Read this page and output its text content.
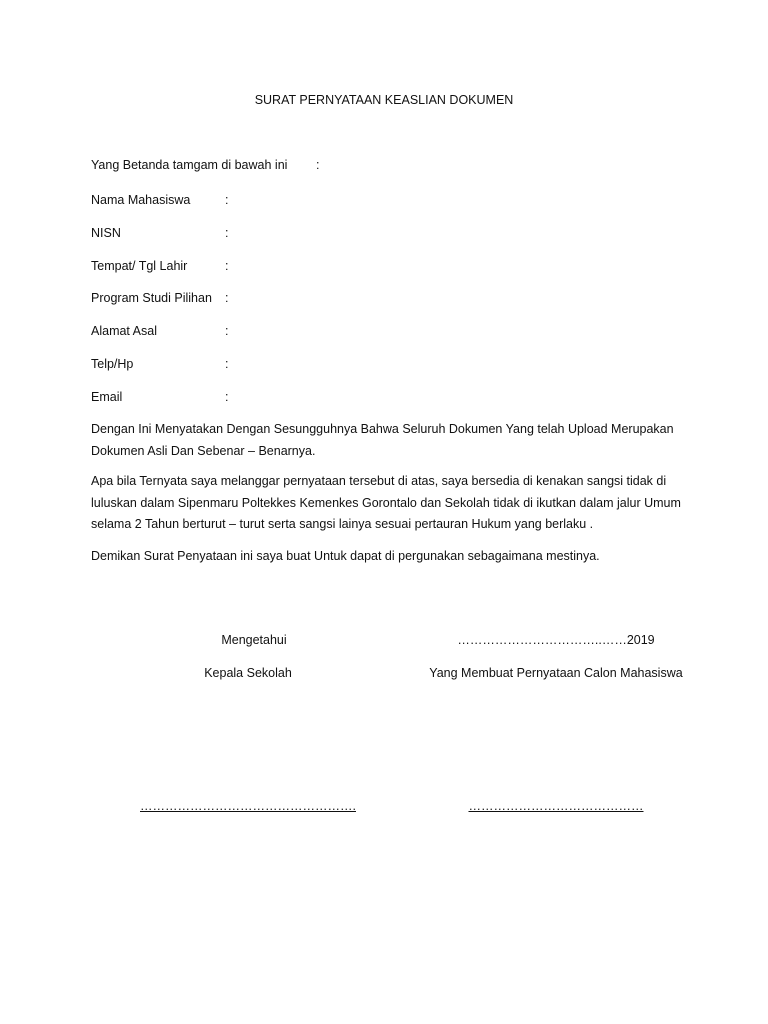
SURAT PERNYATAAN KEASLIAN DOKUMEN
Yang Betanda tamgam di bawah ini :
Nama Mahasiswa	:
NISN	:
Tempat/ Tgl Lahir	:
Program Studi Pilihan :
Alamat Asal	:
Telp/Hp	:
Email	:
Dengan Ini Menyatakan Dengan Sesungguhnya Bahwa Seluruh Dokumen Yang telah Upload Merupakan Dokumen Asli Dan Sebenar – Benarnya.
Apa bila Ternyata saya melanggar pernyataan tersebut di atas, saya bersedia di kenakan sangsi tidak di luluskan dalam Sipenmaru Poltekkes Kemenkes Gorontalo dan Sekolah tidak di ikutkan dalam jalur Umum selama 2 Tahun berturut – turut serta sangsi lainya sesuai pertauran Hukum yang berlaku .
Demikan Surat Penyataan ini saya buat Untuk dapat di pergunakan sebagaimana mestinya.
Mengetahui	……………………………..……2019
Kepala Sekolah	Yang Membuat Pernyataan Calon Mahasiswa
…………………………………………….	……………………………………
